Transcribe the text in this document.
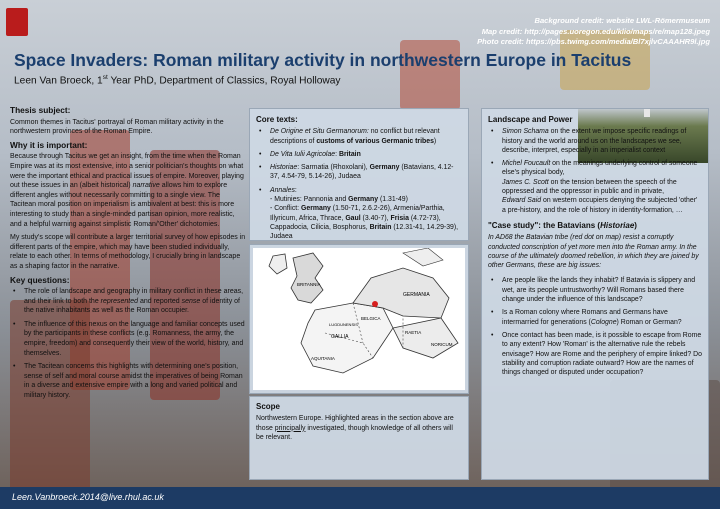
Background credit: website LWL-Römermuseum
Map credit: http://pages.uoregon.edu/klio/maps/re/map128.jpeg
Photo credit: https://pbs.twimg.com/media/Bl7xjlvCAAAHR9l.jpg
Space Invaders: Roman military activity in northwestern Europe in Tacitus
Leen Van Broeck, 1st Year PhD, Department of Classics, Royal Holloway
Thesis subject:

Common themes in Tacitus' portrayal of Roman military activity in the northwestern provinces of the Roman Empire.

Why it is important:

Because through Tacitus we get an insight, from the time when the Roman Empire was at its most extensive, into a senior politician's thoughts on what were the important ethical and practical issues of empire. Moreover, playing out these issues in an (albeit historical) narrative allows him to explore different angles without necessarily committing to a single view. The Tacitean moral position on imperialism is ambivalent at best: this is more interesting to study than a single-minded partisan opinion, more realistic, and a helpful warning against simplistic Roman/'Other' dichotomies.

My study's scope will contribute a larger territorial survey of how episodes in different parts of the empire, which may have been studied individually, relate to each other. In terms of methodology, I crucially bring in landscape as a shaping factor in the narrative.

Key questions:
• The role of landscape and geography in military conflict in these areas, and their link to both the represented and reported sense of identity of the native inhabitants as well as the Roman occupier.
• The influence of this nexus on the language and familiar concepts used by the participants in these conflicts (e.g. Romanness, the army, the empire, freedom) and consequently their view of the world, history, and themselves.
• The Tacitean concerns this highlights with determining one's position, sense of self and moral course amidst the imperatives of being Roman in a diverse and extensive empire with a long and varied political and military history.
Core texts:
• De Origine et Situ Germanorum: no conflict but relevant descriptions of customs of various Germanic tribes)
• De Vita Iulii Agricolae: Britain
• Historiae: Sarmatia (Rhoxolani), Germany (Batavians, 4.12-37, 4.54-79, 5.14-26), Judaea
• Annales:
- Mutinies: Pannonia and Germany (1.31-49)
- Conflict: Germany (1.50-71, 2.6.2-26), Armenia/Parthia, Illyricum, Africa, Thrace, Gaul (3.40-7), Frisia (4.72-73), Cappadocia, Cilicia, Bosphorus, Britain (12.31-41, 14.29-39), Judaea
GERMANIA
BRITANNIA
GALLIA
BELGICA
AQUITANIA
LUGDUNENSIS
RAETIA
NORICUM
Scope

Northwestern Europe. Highlighted areas in the section above are those principally investigated, though knowledge of all others will be relevant.

Landscape and Power
• Simon Schama on the extent we impose specific readings of history and the world around us on the landscapes we see, describe, interpret, especially in an imperialist context
• Michel Foucault on the meanings underlying control of someone else's physical body,
James C. Scott on the tension between the speech of the oppressed and the oppressor in public and in private,
Edward Said on western occupiers denying the subjected 'other' a pre-history, and the role of history in identity-formation, …
"Case study": the Batavians (Historiae)

In AD68 the Batavian tribe (red dot on map) resist a corruptly conducted conscription of yet more men into the Roman army. In the course of the ultimately doomed rebellion, in which they are joined by other Germans, these are big issues:

• Are people like the lands they inhabit? If Batavia is slippery and wet, are its people untrustworthy? Will Romans based there change under the influence of this landscape?
• Is a Roman colony where Romans and Germans have intermarried for generations (Cologne) Roman or German?
• Once contact has been made, is it possible to escape from Rome to any extent? How 'Roman' is the alternative rule the rebels envisage? How are Rome and the periphery of empire linked? Do stability and corruption radiate outward? How are the names of things changed or disputed under occupation?
Leen.Vanbroeck.2014@live.rhul.ac.uk
